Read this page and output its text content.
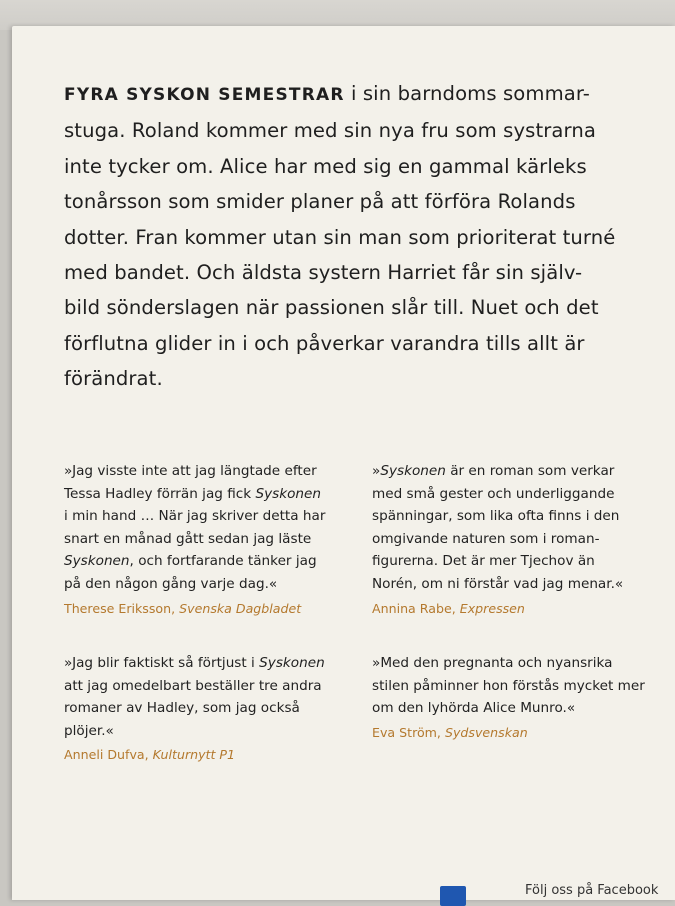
FYRA SYSKON SEMESTRAR i sin barndoms sommar-
stuga. Roland kommer med sin nya fru som systrarna
inte tycker om. Alice har med sig en gammal kärleks
tonårsson som smider planer på att förföra Rolands
dotter. Fran kommer utan sin man som prioriterat turné
med bandet. Och äldsta systern Harriet får sin själv-
bild sönderslagen när passionen slår till. Nuet och det
förflutna glider in i och påverkar varandra tills allt är
förändrat.

»Jag visste inte att jag längtade efter
Tessa Hadley förrän jag fick Syskonen
i min hand … När jag skriver detta har
snart en månad gått sedan jag läste
Syskonen, och fortfarande tänker jag
på den någon gång varje dag.«
Therese Eriksson, Svenska Dagbladet

»Syskonen är en roman som verkar
med små gester och underliggande
spänningar, som lika ofta finns i den
omgivande naturen som i roman-
figurerna. Det är mer Tjechov än
Norén, om ni förstår vad jag menar.«
Annina Rabe, Expressen

»Jag blir faktiskt så förtjust i Syskonen
att jag omedelbart beställer tre andra
romaner av Hadley, som jag också
plöjer.«
Anneli Dufva, Kulturnytt P1

»Med den pregnanta och nyansrika
stilen påminner hon förstås mycket mer
om den lyhörda Alice Munro.«
Eva Ström, Sydsvenskan

Följ oss på Facebook
